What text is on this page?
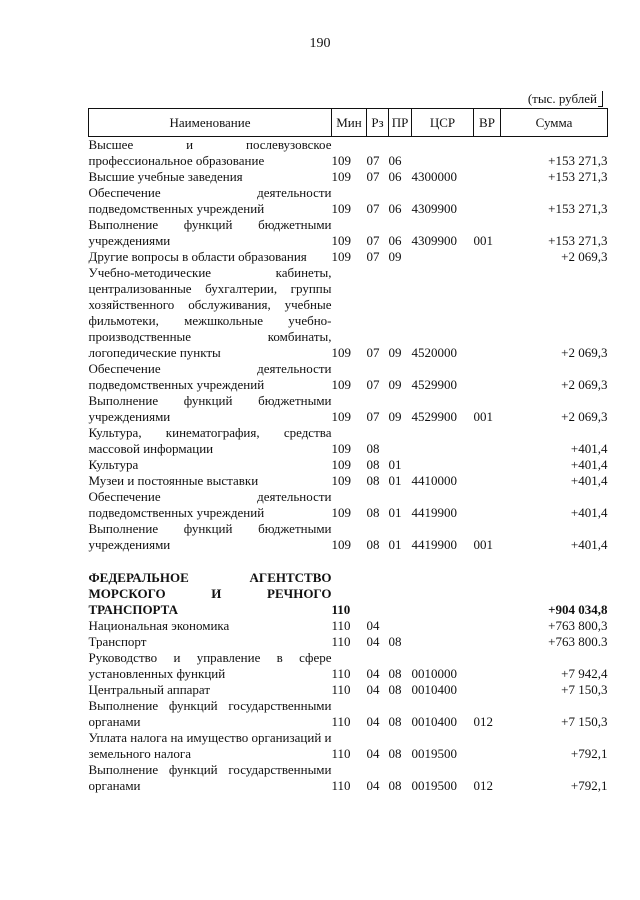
190
(тыс. рублей
Наименование	Мин	Рз	ПР	ЦСР	ВР	Сумма
Высшее и послевузовское профессиональное образование	109	07	06			+153 271,3
Высшие учебные заведения	109	07	06	4300000		+153 271,3
Обеспечение деятельности подведомственных учреждений	109	07	06	4309900		+153 271,3
Выполнение функций бюджетными учреждениями	109	07	06	4309900	001	+153 271,3
Другие вопросы в области образования	109	07	09			+2 069,3
Учебно-методические кабинеты, централизованные бухгалтерии, группы хозяйственного обслуживания, учебные фильмотеки, межшкольные учебно-производственные комбинаты, логопедические пункты	109	07	09	4520000		+2 069,3
Обеспечение деятельности подведомственных учреждений	109	07	09	4529900		+2 069,3
Выполнение функций бюджетными учреждениями	109	07	09	4529900	001	+2 069,3
Культура, кинематография, средства массовой информации	109	08				+401,4
Культура	109	08	01			+401,4
Музеи и постоянные выставки	109	08	01	4410000		+401,4
Обеспечение деятельности подведомственных учреждений	109	08	01	4419900		+401,4
Выполнение функций бюджетными учреждениями	109	08	01	4419900	001	+401,4

ФЕДЕРАЛЬНОЕ АГЕНТСТВО МОРСКОГО И РЕЧНОГО ТРАНСПОРТА	110					+904 034,8
Национальная экономика	110	04				+763 800,3
Транспорт	110	04	08			+763 800.3
Руководство и управление в сфере установленных функций	110	04	08	0010000		+7 942,4
Центральный аппарат	110	04	08	0010400		+7 150,3
Выполнение функций государственными органами	110	04	08	0010400	012	+7 150,3
Уплата налога на имущество организаций и земельного налога	110	04	08	0019500		+792,1
Выполнение функций государственными органами	110	04	08	0019500	012	+792,1
